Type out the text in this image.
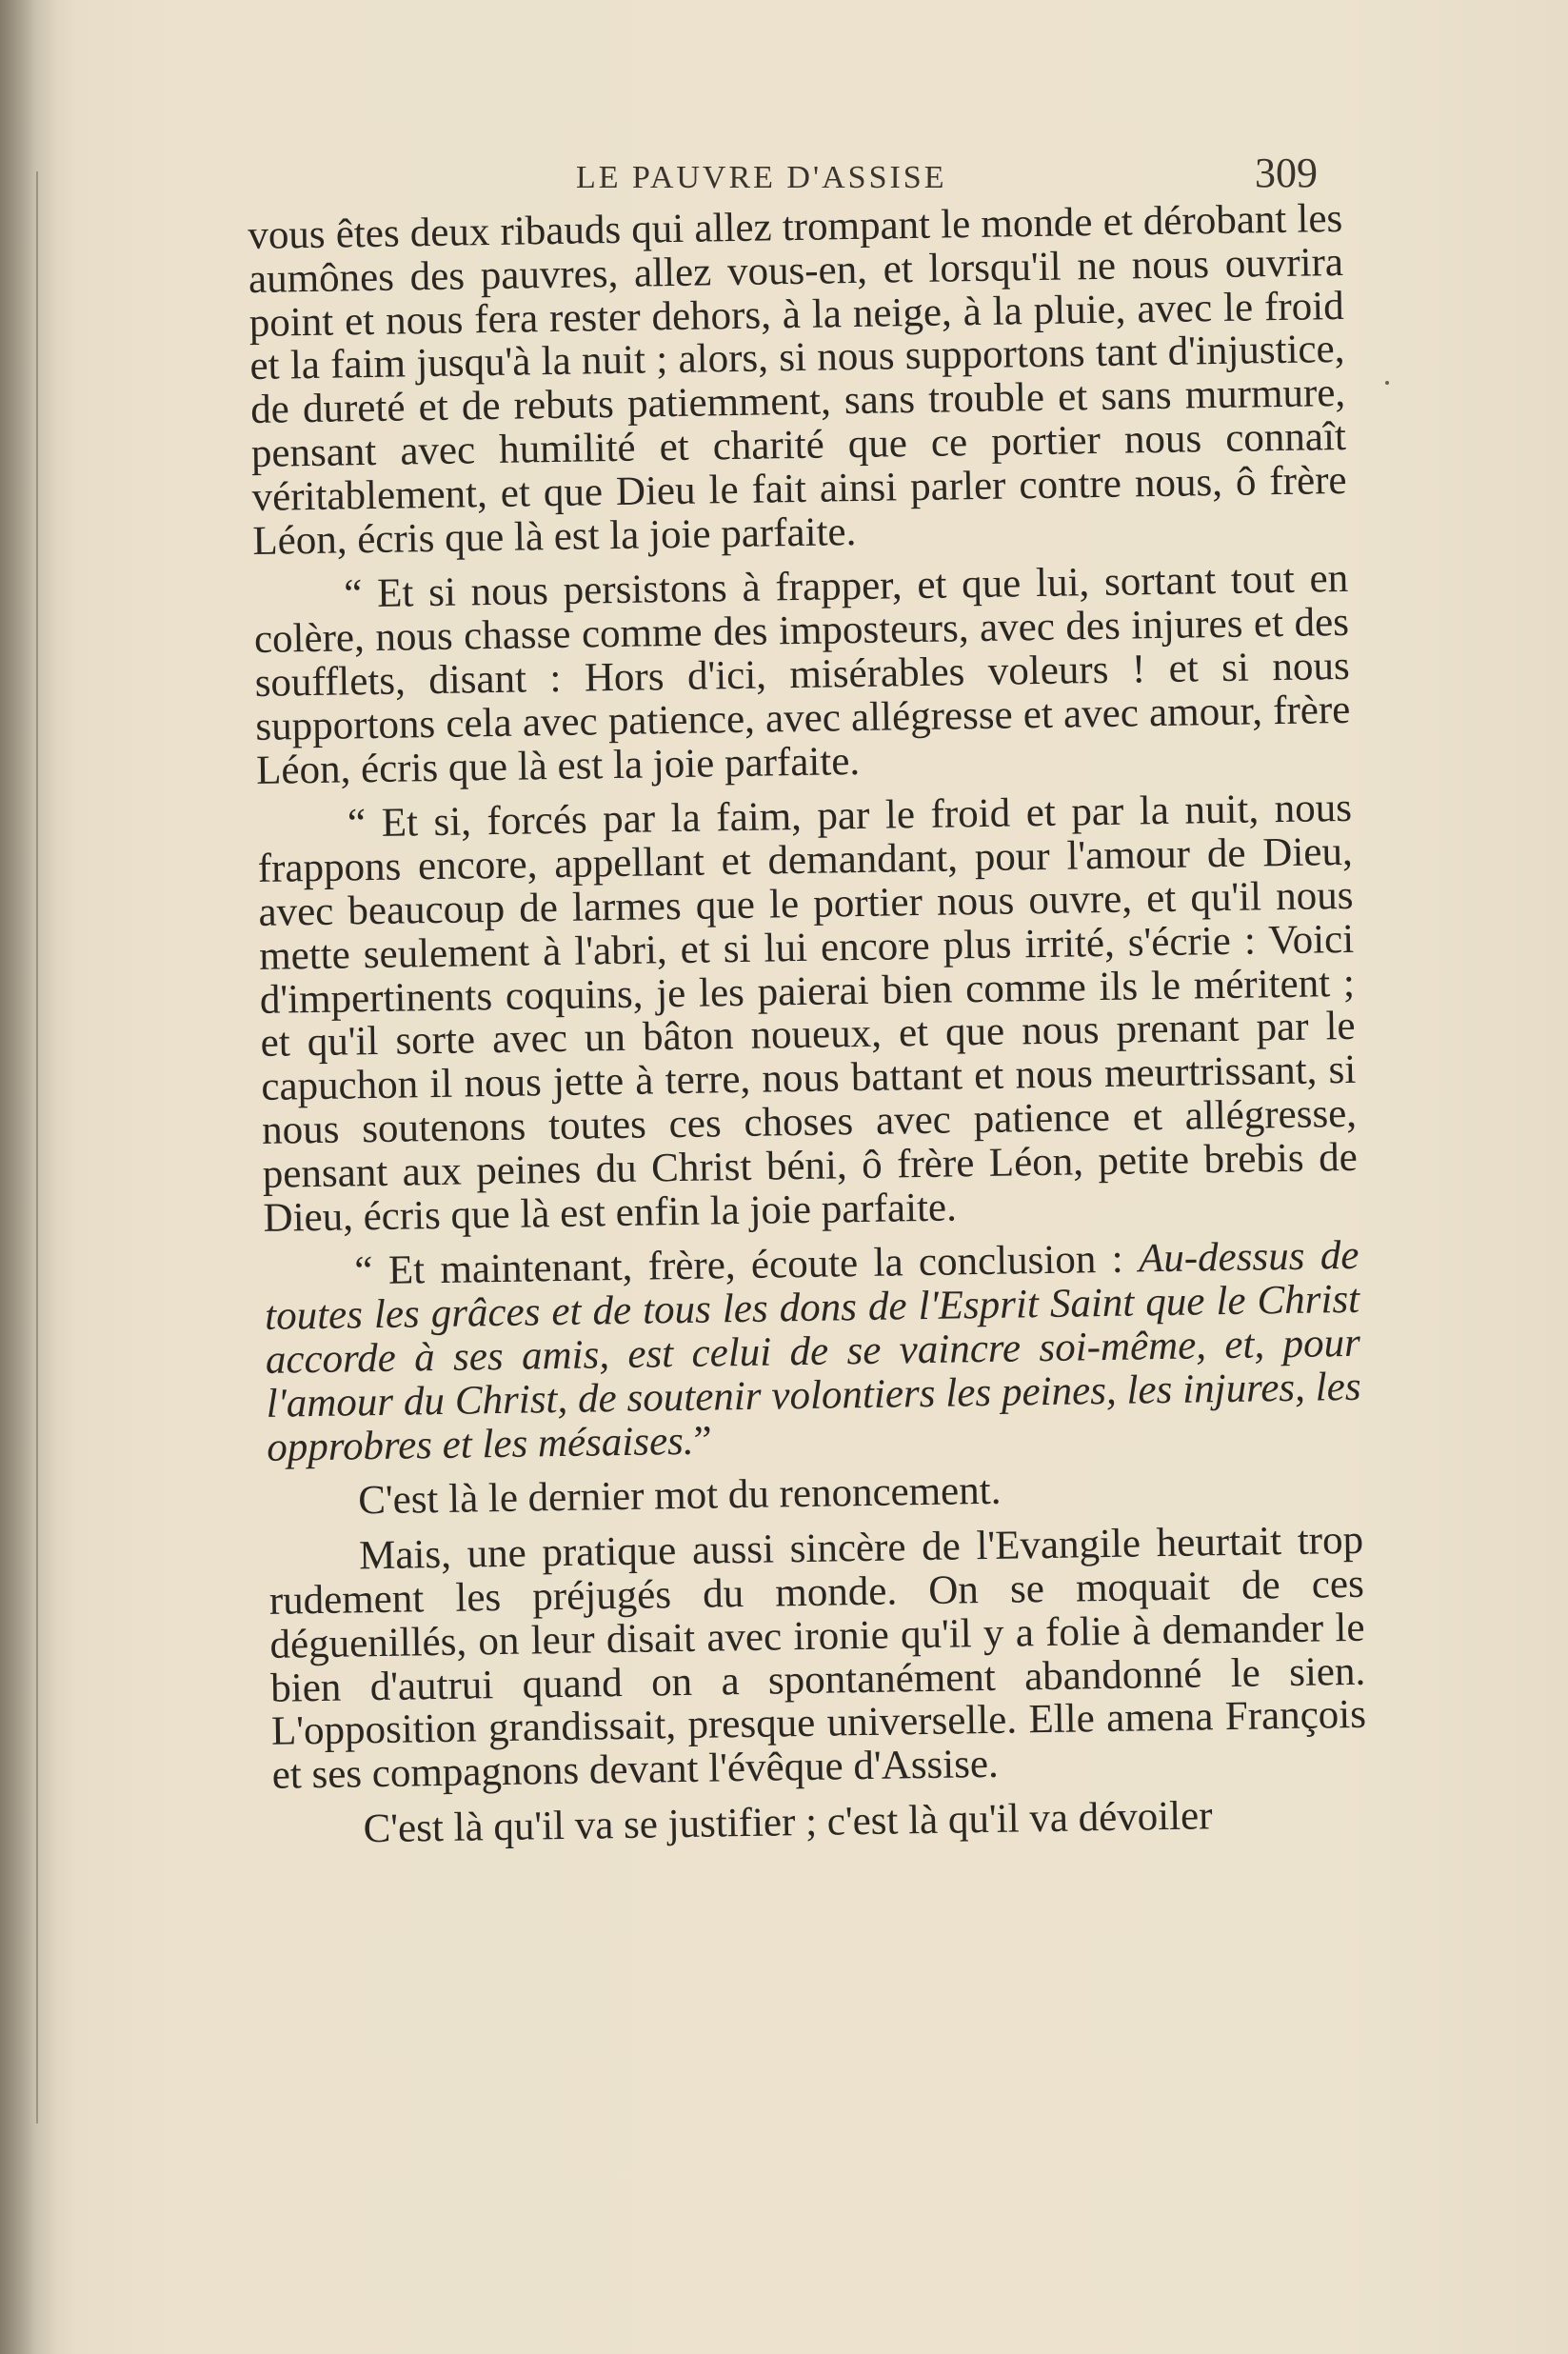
LE PAUVRE D'ASSISE	309

vous êtes deux ribauds qui allez trompant le monde et dérobant les aumônes des pauvres, allez vous-en, et lorsqu'il ne nous ouvrira point et nous fera rester dehors, à la neige, à la pluie, avec le froid et la faim jusqu'à la nuit ; alors, si nous supportons tant d'injustice, de dureté et de rebuts patiemment, sans trouble et sans murmure, pensant avec humilité et charité que ce portier nous connaît véritablement, et que Dieu le fait ainsi parler contre nous, ô frère Léon, écris que là est la joie parfaite.

“ Et si nous persistons à frapper, et que lui, sortant tout en colère, nous chasse comme des imposteurs, avec des injures et des soufflets, disant : Hors d'ici, misérables voleurs ! et si nous supportons cela avec patience, avec allégresse et avec amour, frère Léon, écris que là est la joie parfaite.

“ Et si, forcés par la faim, par le froid et par la nuit, nous frappons encore, appellant et demandant, pour l'amour de Dieu, avec beaucoup de larmes que le portier nous ouvre, et qu'il nous mette seulement à l'abri, et si lui encore plus irrité, s'écrie : Voici d'impertinents coquins, je les paierai bien comme ils le méritent ; et qu'il sorte avec un bâton noueux, et que nous prenant par le capuchon il nous jette à terre, nous battant et nous meurtrissant, si nous soutenons toutes ces choses avec patience et allégresse, pensant aux peines du Christ béni, ô frère Léon, petite brebis de Dieu, écris que là est enfin la joie parfaite.

“ Et maintenant, frère, écoute la conclusion : Au-dessus de toutes les grâces et de tous les dons de l'Esprit Saint que le Christ accorde à ses amis, est celui de se vaincre soi-même, et, pour l'amour du Christ, de soutenir volontiers les peines, les injures, les opprobres et les mésaises.”

C'est là le dernier mot du renoncement.

Mais, une pratique aussi sincère de l'Evangile heurtait trop rudement les préjugés du monde. On se moquait de ces déguenillés, on leur disait avec ironie qu'il y a folie à demander le bien d'autrui quand on a spontanément abandonné le sien. L'opposition grandissait, presque universelle. Elle amena François et ses compagnons devant l'évêque d'Assise.

C'est là qu'il va se justifier ; c'est là qu'il va dévoiler
